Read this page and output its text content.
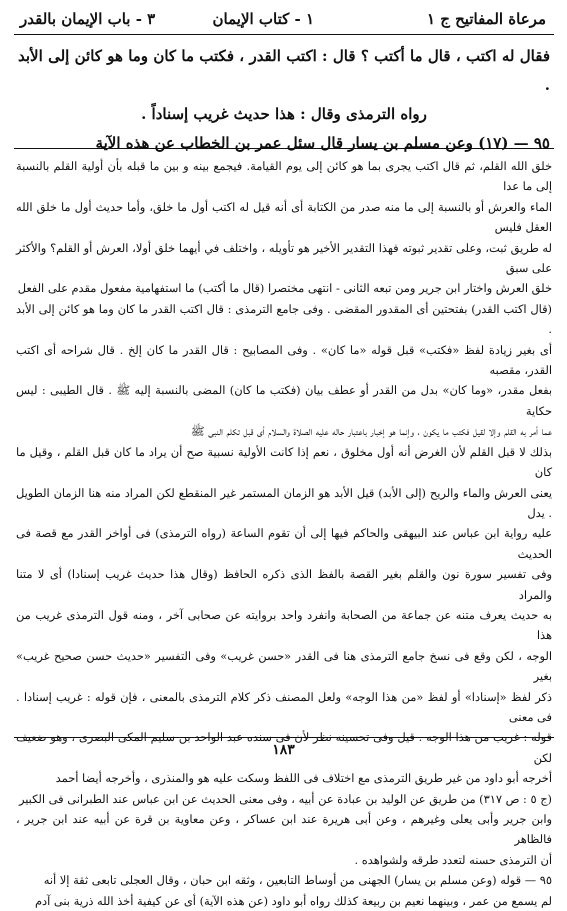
مرعاة المفاتيح ج ١
١ - كتاب الإيمان
٣ - باب الإيمان بالقدر

فقال له اكتب ، قال ما أكتب ؟ قال : اكتب القدر ، فكتب ما كان وما هو كائن إلى الأبد .

رواه الترمذى وقال : هذا حديث غريب إسناداً .

٩٥ — (١٧) وعن مسلم بن يسار قال سئل عمر بن الخطاب عن هذه الآية

خلق الله القلم، ثم قال اكتب يجرى بما هو كائن إلى يوم القيامة. فيجمع بينه و بين ما قبله بأن أولية القلم بالنسبة إلى ما عدا

الماء والعرش أو بالنسبة إلى ما منه صدر من الكتابة أى أنه قيل له اكتب أول ما خلق، وأما حديث أول ما خلق الله العقل فليس

له طريق ثبت، وعلى تقدير ثبوته فهذا التقدير الأخير هو تأويله ، واختلف في أيهما خلق أولا، العرش أو القلم؟ والأكثر على سبق

خلق العرش واختار ابن جرير ومن تبعه الثانى - انتهى مختصرا (قال ما أكتب) ما استفهامية مفعول مقدم على الفعل

(قال اكتب القدر) بفتحتين أى المقدور المقضى . وفى جامع الترمذى : قال اكتب القدر ما كان وما هو كائن إلى الأبد .

أى بغير زيادة لفظ «فكتب» قبل قوله «ما كان» . وفى المصابيح : قال القدر ما كان إلخ . قال شراحه أى اكتب القدر، مقصبه

بفعل مقدر، «وما كان» بدل من القدر أو عطف بيان (فكتب ما كان) المضى بالنسبة إليه ﷺ . قال الطيبى : ليس حكاية

عما أمر به القلم وإلا لقيل فكتب ما يكون ، وإنما هو إخبار باعتبار حاله عليه الصلاة والسلام أى قبل تكلم النبى ﷺ

بذلك لا قبل القلم لأن الغرض أنه أول مخلوق ، نعم إذا كانت الأولية نسبية صح أن يراد ما كان قبل القلم ، وقيل ما كان

يعنى العرش والماء والريح (إلى الأبد) قيل الأبد هو الزمان المستمر غير المنقطع لكن المراد منه هنا الزمان الطويل . يدل

عليه رواية ابن عباس عند البيهقى والحاكم فيها إلى أن تقوم الساعة (رواه الترمذى) فى أواخر القدر مع قصة فى الحديث

وفى تفسير سورة نون والقلم بغير القصة بالفظ الذى ذكره الحافظ (وقال هذا حديث غريب إسنادا) أى لا متنا والمراد

به حديث يعرف متنه عن جماعة من الصحابة وانفرد واحد بروايته عن صحابى آخر ، ومنه قول الترمذى غريب من هذا

الوجه ، لكن وقع فى نسخ جامع الترمذى هنا فى القدر «حسن غريب» وفى التفسير «حديث حسن صحيح غريب» بغير

ذكر لفظ «إسنادا» أو لفظ «من هذا الوجه» ولعل المصنف ذكر كلام الترمذى بالمعنى ، فإن قوله : غريب إسنادا . فى معنى

قوله : غريب من هذا الوجه . قيل وفى تحسينه نظر لأن فى سنده عبد الواحد بن سليم المكى البصرى ، وهو ضعيف لكن

أخرجه أبو داود من غير طريق الترمذى مع اختلاف فى اللفظ وسكت عليه هو والمنذرى ، وأخرجه أيضا أحمد

(ج ٥ : ص ٣١٧) من طريق عن الوليد بن عبادة عن أبيه ، وفى معنى الحديث عن ابن عباس عند الطبرانى فى الكبير

وابن جرير وأبى يعلى وغيرهم ، وعن أبى هريرة عند ابن عساكر ، وعن معاوية بن قرة عن أبيه عند ابن جرير ، فالظاهر

أن الترمذى حسنه لتعدد طرقه ولشواهده .

٩٥ — قوله (وعن مسلم بن يسار) الجهنى من أوساط التابعين ، وثقه ابن حبان ، وقال العجلى تابعى ثقة إلا أنه

لم يسمع من عمر ، وبينهما نعيم بن ربيعة كذلك رواه أبو داود (عن هذه الآية) أى عن كيفية أخذ الله ذرية بنى آدم

١٨٣
